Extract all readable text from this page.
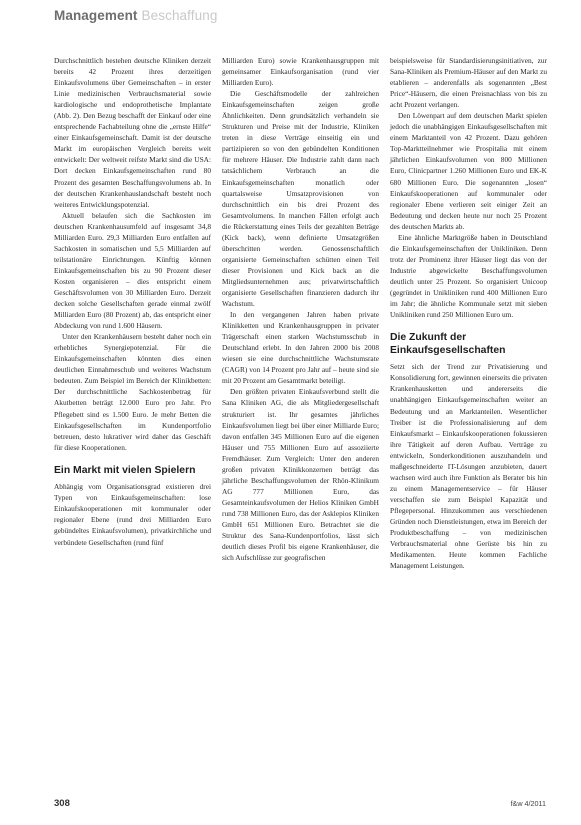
Management Beschaffung

Durchschnittlich bestehen deutsche Kliniken derzeit bereits 42 Prozent ihres derzeitigen Einkaufsvolumens über Gemeinschaften – in erster Linie medizinischen Verbrauchsmaterial sowie kardiologische und endoprothetische Implantate (Abb. 2). Den Bezug beschafft der Einkauf oder eine entsprechende Fachabteilung ohne die „ernste Hilfe“ einer Einkaufsgemeinschaft. Damit ist der deutsche Markt im europäischen Vergleich bereits weit entwickelt: Der weltweit reifste Markt sind die USA: Dort decken Einkaufsgemeinschaften rund 80 Prozent des gesamten Beschaffungsvolumens ab. In der deutschen Krankenhauslandschaft besteht noch weiteres Entwicklungspotenzial.

Aktuell belaufen sich die Sachkosten im deutschen Krankenhausumfeld auf insgesamt 34,8 Milliarden Euro. 29,3 Milliarden Euro entfallen auf Sachkosten in somatischen und 5,5 Milliarden auf teilstationäre Einrichtungen. Künftig können Einkaufsgemeinschaften bis zu 90 Prozent dieser Kosten organisieren – dies entspricht einem Geschäftsvolumen von 30 Milliarden Euro. Derzeit decken solche Gesellschaften gerade einmal zwölf Milliarden Euro (80 Prozent) ab, das entspricht einer Abdeckung von rund 1.600 Häusern.

Unter den Krankenhäusern besteht daher noch ein erhebliches Synergiepotenzial. Für die Einkaufsgemeinschaften könnten dies einen deutlichen Einnahmeschub und weiteres Wachstum bedeuten. Zum Beispiel im Bereich der Klinikbetten: Der durchschnittliche Sachkostenbetrag für Akutbetten beträgt 12.000 Euro pro Jahr. Pro Pflegebett sind es 1.500 Euro. Je mehr Betten die Einkaufsgesellschaften im Kundenportfolio betreuen, desto lukrativer wird daher das Geschäft für diese Kooperationen.

Ein Markt mit vielen Spielern

Abhängig vom Organisationsgrad existieren drei Typen von Einkaufsgemeinschaften: lose Einkaufskooperationen mit kommunaler oder regionaler Ebene (rund drei Milliarden Euro gebündeltes Einkaufsvolumen), privatkirchliche und verbündete Gesellschaften (rund fünf

Milliarden Euro) sowie Krankenhausgruppen mit gemeinsamer Einkaufsorganisation (rund vier Milliarden Euro).

Die Geschäftsmodelle der zahlreichen Einkaufsgemeinschaften zeigen große Ähnlichkeiten. Denn grundsätzlich verhandeln sie Strukturen und Preise mit der Industrie, Kliniken treten in diese Verträge einseitig ein und partizipieren so von den gebündelten Konditionen für mehrere Häuser. Die Industrie zahlt dann nach tatsächlichem Verbrauch an die Einkaufsgemeinschaften monatlich oder quartalsweise Umsatzprovisionen von durchschnittlich ein bis drei Prozent des Gesamtvolumens. In manchen Fällen erfolgt auch die Rückerstattung eines Teils der gezahlten Beträge (Kick back), wenn definierte Umsatzgrößen überschritten werden. Genossenschaftlich organisierte Gemeinschaften schütten einen Teil dieser Provisionen und Kick back an die Mitgliedsunternehmen aus; privatwirtschaftlich organisierte Gesellschaften finanzieren dadurch ihr Wachstum.

In den vergangenen Jahren haben private Klinikketten und Krankenhausgruppen in privater Trägerschaft einen starken Wachstumsschub in Deutschland erlebt. In den Jahren 2000 bis 2008 wiesen sie eine durchschnittliche Wachstumsrate (CAGR) von 14 Prozent pro Jahr auf – heute sind sie mit 20 Prozent am Gesamtmarkt beteiligt.

Den größten privaten Einkaufsverbund stellt die Sana Kliniken AG, die als Mitgliedergesellschaft strukturiert ist. Ihr gesamtes jährliches Einkaufsvolumen liegt bei über einer Milliarde Euro; davon entfallen 345 Millionen Euro auf die eigenen Häuser und 755 Millionen Euro auf assoziierte Fremdhäuser. Zum Vergleich: Unter den anderen großen privaten Klinikkonzernen beträgt das jährliche Beschaffungsvolumen der Rhön-Klinikum AG 777 Millionen Euro, das Gesamteinkaufsvolumen der Helios Kliniken GmbH rund 738 Millionen Euro, das der Asklepios Kliniken GmbH 651 Millionen Euro. Betrachtet sie die Struktur des Sana-Kundenportfolios, lässt sich deutlich dieses Profil bis eigene Krankenhäuser, die sich Aufschlüsse zur geografischen

beispielsweise für Standardisierungsinitiativen, zur Sana-Kliniken als Premium-Häuser auf den Markt zu etablieren – anderenfalls als sogenannten „Best Price“-Häusern, die einen Preisnachlass von bis zu acht Prozent verlangen.

Den Löwenpart auf dem deutschen Markt spielen jedoch die unabhängigen Einkaufsgesellschaften mit einem Marktanteil von 42 Prozent. Dazu gehören Top-Marktteilnehmer wie Prospitalia mit einem jährlichen Einkaufsvolumen von 800 Millionen Euro, Clinicpartner 1.260 Millionen Euro und EK-K 680 Millionen Euro. Die sogenannten „losen“ Einkaufskooperationen auf kommunaler oder regionaler Ebene verlieren seit einiger Zeit an Bedeutung und decken heute nur noch 25 Prozent des deutschen Markts ab.

Eine ähnliche Marktgröße haben in Deutschland die Einkaufsgemeinschaften der Unikliniken. Denn trotz der Prominenz ihrer Häuser liegt das von der Industrie abgewickelte Beschaffungsvolumen deutlich unter 25 Prozent. So organisiert Unicoop (gegründet in Unikliniken rund 400 Millionen Euro im Jahr; die ähnliche Kommunale setzt mit sieben Unikliniken rund 250 Millionen Euro um.

Die Zukunft der Einkaufsgesellschaften

Setzt sich der Trend zur Privatisierung und Konsolidierung fort, gewinnen einerseits die privaten Krankenhausketten und andererseits die unabhängigen Einkaufsgemeinschaften weiter an Bedeutung und an Marktanteilen. Wesentlicher Treiber ist die Professionalisierung auf dem Einkaufsmarkt – Einkaufskooperationen fokussieren ihre Tätigkeit auf deren Aufbau. Verträge zu entwickeln, Sonderkonditionen auszuhandeln und maßgeschneiderte IT-Lösungen anzubieten, dauert wachsen wird auch ihre Funktion als Berater bis hin zu einem Managementservice – für Häuser verschaffen sie zum Beispiel Kapazität und Pflegepersonal. Hinzukommen aus verschiedenen Gründen noch Dienstleistungen, etwa im Bereich der Produktbeschaffung – von medizinischen Verbrauchsmaterial ohne Gerüste bis hin zu Medikamenten. Heute kommen Fachliche Management Leistungen.

308	f&w 4/2011
